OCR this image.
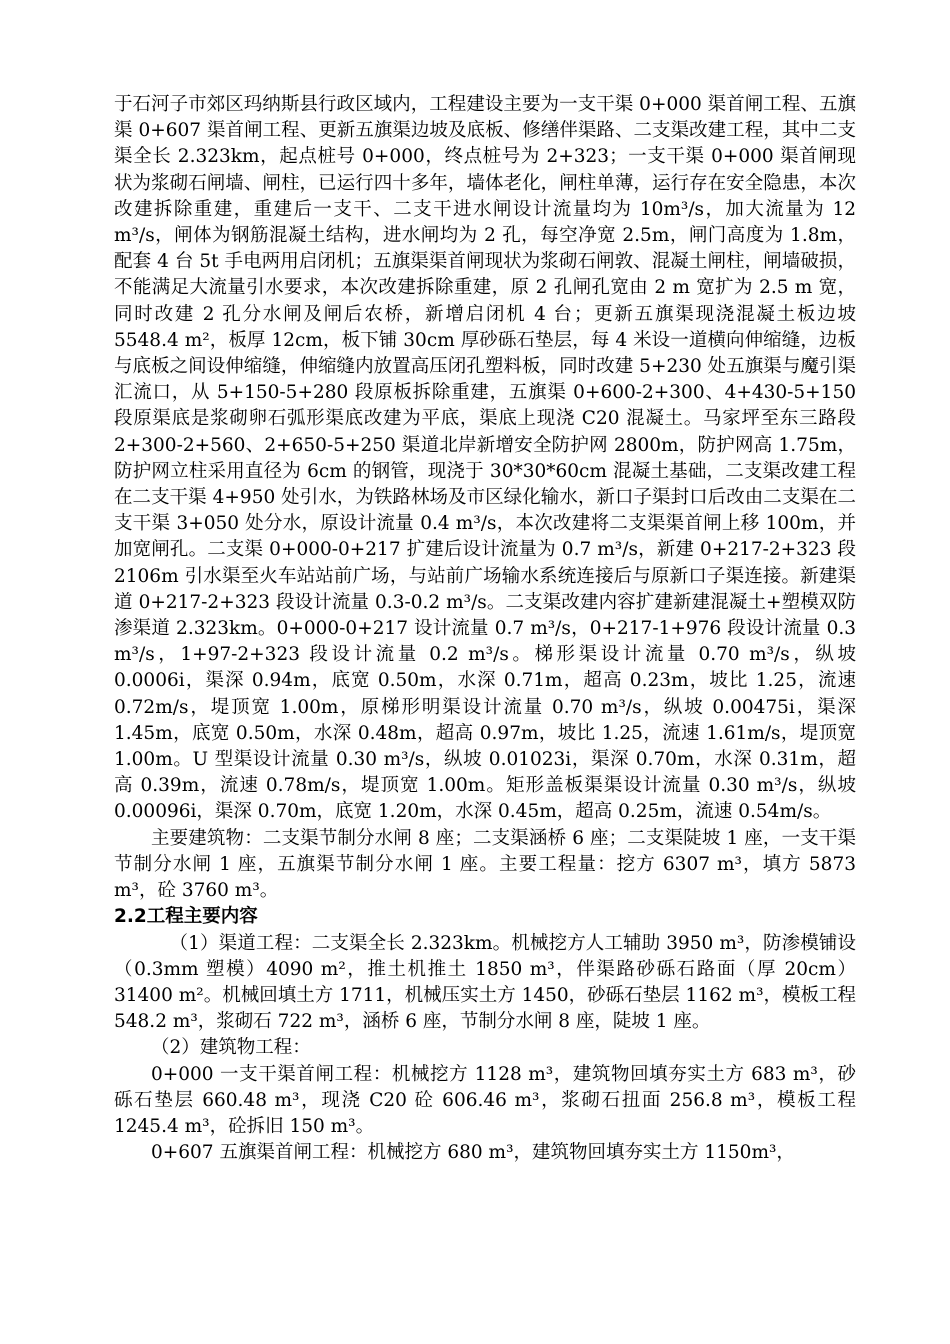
于石河子市郊区玛纳斯县行政区域内，工程建设主要为一支干渠 0+000 渠首闸工程、五旗渠 0+607 渠首闸工程、更新五旗渠边坡及底板、修缮伴渠路、二支渠改建工程，其中二支渠全长 2.323km，起点桩号 0+000，终点桩号为 2+323；一支干渠 0+000 渠首闸现状为浆砌石闸墙、闸柱，已运行四十多年，墙体老化，闸柱单薄，运行存在安全隐患，本次改建拆除重建，重建后一支干、二支干进水闸设计流量均为 10m³/s，加大流量为 12 m³/s，闸体为钢筋混凝土结构，进水闸均为 2 孔，每空净宽 2.5m，闸门高度为 1.8m，配套 4 台 5t 手电两用启闭机；五旗渠渠首闸现状为浆砌石闸敦、混凝土闸柱，闸墙破损，不能满足大流量引水要求，本次改建拆除重建，原 2 孔闸孔宽由 2 m 宽扩为 2.5 m 宽，同时改建 2 孔分水闸及闸后农桥，新增启闭机 4 台；更新五旗渠现浇混凝土板边坡 5548.4 m²，板厚 12cm，板下铺 30cm 厚砂砾石垫层，每 4 米设一道横向伸缩缝，边板与底板之间设伸缩缝，伸缩缝内放置高压闭孔塑料板，同时改建 5+230 处五旗渠与魔引渠汇流口，从 5+150-5+280 段原板拆除重建，五旗渠 0+600-2+300、4+430-5+150 段原渠底是浆砌卵石弧形渠底改建为平底，渠底上现浇 C20 混凝土。马家坪至东三路段 2+300-2+560、2+650-5+250 渠道北岸新增安全防护网 2800m，防护网高 1.75m，防护网立柱采用直径为 6cm 的钢管，现浇于 30*30*60cm 混凝土基础，二支渠改建工程在二支干渠 4+950 处引水，为铁路林场及市区绿化输水，新口子渠封口后改由二支渠在二支干渠 3+050 处分水，原设计流量 0.4 m³/s，本次改建将二支渠渠首闸上移 100m，并加宽闸孔。二支渠 0+000-0+217 扩建后设计流量为 0.7 m³/s，新建 0+217-2+323 段 2106m 引水渠至火车站站前广场，与站前广场输水系统连接后与原新口子渠连接。新建渠道 0+217-2+323 段设计流量 0.3-0.2 m³/s。二支渠改建内容扩建新建混凝土+塑模双防渗渠道 2.323km。0+000-0+217 设计流量 0.7 m³/s，0+217-1+976 段设计流量 0.3 m³/s，1+97-2+323 段设计流量 0.2 m³/s。梯形渠设计流量 0.70 m³/s，纵坡 0.0006i，渠深 0.94m，底宽 0.50m，水深 0.71m，超高 0.23m，坡比 1.25，流速 0.72m/s，堤顶宽 1.00m，原梯形明渠设计流量 0.70 m³/s，纵坡 0.00475i，渠深 1.45m，底宽 0.50m，水深 0.48m，超高 0.97m，坡比 1.25，流速 1.61m/s，堤顶宽 1.00m。U 型渠设计流量 0.30 m³/s，纵坡 0.01023i，渠深 0.70m，水深 0.31m，超高 0.39m，流速 0.78m/s，堤顶宽 1.00m。矩形盖板渠渠设计流量 0.30 m³/s，纵坡 0.00096i，渠深 0.70m，底宽 1.20m，水深 0.45m，超高 0.25m，流速 0.54m/s。

主要建筑物：二支渠节制分水闸 8 座；二支渠涵桥 6 座；二支渠陡坡 1 座，一支干渠节制分水闸 1 座，五旗渠节制分水闸 1 座。主要工程量：挖方 6307 m³，填方 5873 m³，砼 3760 m³。

2.2工程主要内容

（1）渠道工程：二支渠全长 2.323km。机械挖方人工辅助 3950 m³，防渗模铺设（0.3mm 塑模）4090 m²，推土机推土 1850 m³，伴渠路砂砾石路面（厚 20cm）31400 m²。机械回填土方 1711，机械压实土方 1450，砂砾石垫层 1162 m³，模板工程 548.2 m³，浆砌石 722 m³，涵桥 6 座，节制分水闸 8 座，陡坡 1 座。

（2）建筑物工程：

0+000 一支干渠首闸工程：机械挖方 1128 m³，建筑物回填夯实土方 683 m³，砂砾石垫层 660.48 m³，现浇 C20 砼 606.46 m³，浆砌石扭面 256.8 m³，模板工程 1245.4 m³，砼拆旧 150 m³。

0+607 五旗渠首闸工程：机械挖方 680 m³，建筑物回填夯实土方 1150m³，
